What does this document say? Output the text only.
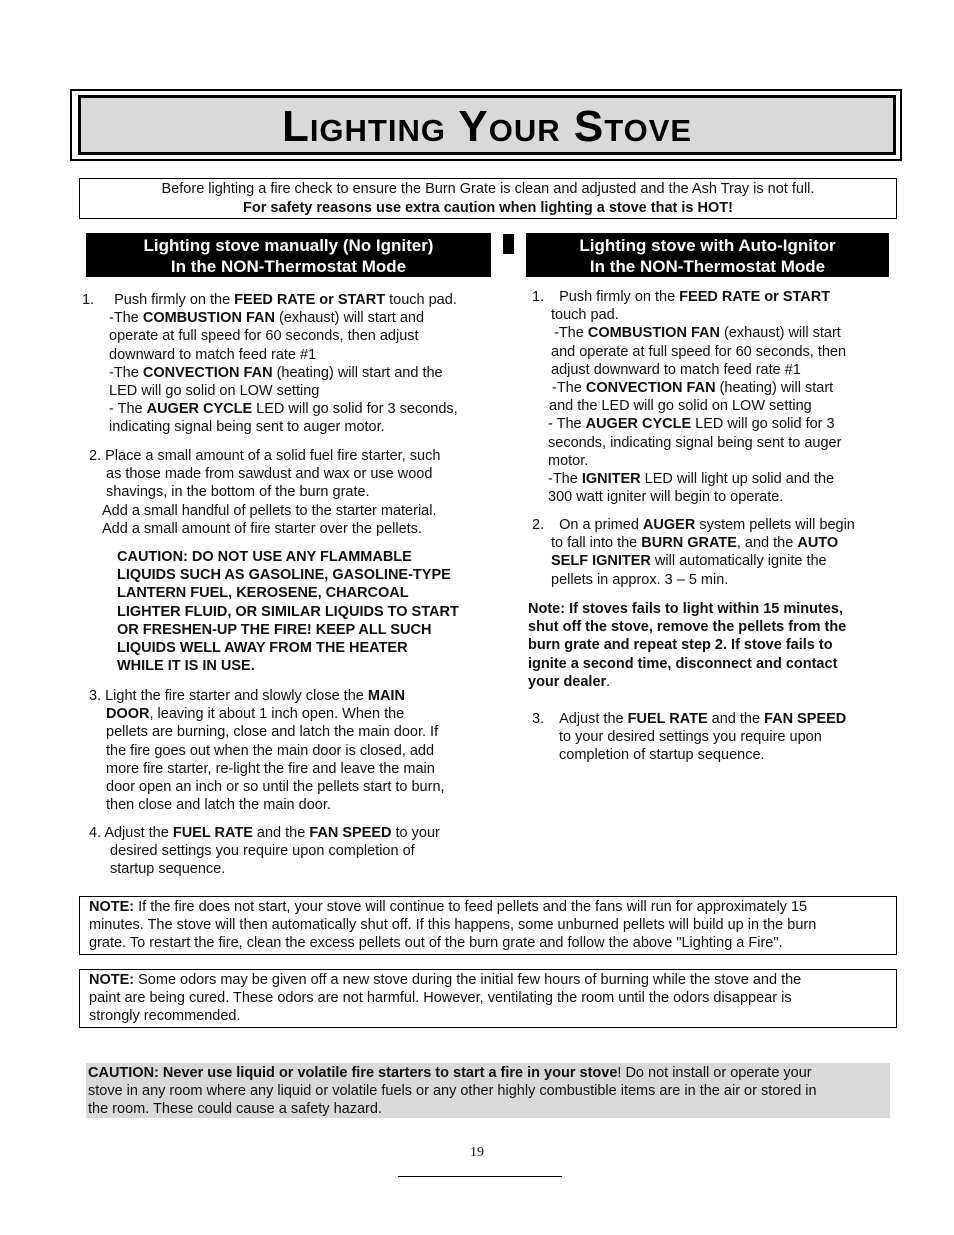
Lighting Your Stove
Before lighting a fire check to ensure the Burn Grate is clean and adjusted and the Ash Tray is not full.
For safety reasons use extra caution when lighting a stove that is HOT!
Lighting stove manually (No Igniter)
In the NON-Thermostat Mode
Lighting stove with Auto-Ignitor
In the NON-Thermostat Mode

1. Push firmly on the FEED RATE or START touch pad.

-The COMBUSTION FAN (exhaust) will start and

operate at full speed for 60 seconds, then adjust

downward to match feed rate #1

-The CONVECTION FAN (heating) will start and the

LED will go solid on LOW setting

- The AUGER CYCLE LED will go solid for 3 seconds,

indicating signal being sent to auger motor.

2. Place a small amount of a solid fuel fire starter, such

as those made from sawdust and wax or use wood

shavings, in the bottom of the burn grate.

Add a small handful of pellets to the starter material.

Add a small amount of fire starter over the pellets.

CAUTION: DO NOT USE ANY FLAMMABLE

LIQUIDS SUCH AS GASOLINE, GASOLINE-TYPE

LANTERN FUEL, KEROSENE, CHARCOAL

LIGHTER FLUID, OR SIMILAR LIQUIDS TO START

OR FRESHEN-UP THE FIRE! KEEP ALL SUCH

LIQUIDS WELL AWAY FROM THE HEATER

WHILE IT IS IN USE.

3. Light the fire starter and slowly close the MAIN

DOOR, leaving it about 1 inch open. When the

pellets are burning, close and latch the main door. If

the fire goes out when the main door is closed, add

more fire starter, re-light the fire and leave the main

door open an inch or so until the pellets start to burn,

then close and latch the main door.

4. Adjust the FUEL RATE and the FAN SPEED to your

desired settings you require upon completion of

startup sequence.

1. Push firmly on the FEED RATE or START

touch pad.

-The COMBUSTION FAN (exhaust) will start

and operate at full speed for 60 seconds, then

adjust downward to match feed rate #1

-The CONVECTION FAN (heating) will start

and the LED will go solid on LOW setting

- The AUGER CYCLE LED will go solid for 3

seconds, indicating signal being sent to auger

motor.

-The IGNITER LED will light up solid and the

300 watt igniter will begin to operate.

2. On a primed AUGER system pellets will begin

to fall into the BURN GRATE, and the AUTO

SELF IGNITER will automatically ignite the

pellets in approx. 3 – 5 min.

Note: If stoves fails to light within 15 minutes,

shut off the stove, remove the pellets from the

burn grate and repeat step 2. If stove fails to

ignite a second time, disconnect and contact

your dealer.

3. Adjust the FUEL RATE and the FAN SPEED

to your desired settings you require upon

completion of startup sequence.

NOTE: If the fire does not start, your stove will continue to feed pellets and the fans will run for approximately 15
minutes. The stove will then automatically shut off. If this happens, some unburned pellets will build up in the burn
grate. To restart the fire, clean the excess pellets out of the burn grate and follow the above "Lighting a Fire".
NOTE: Some odors may be given off a new stove during the initial few hours of burning while the stove and the
paint are being cured. These odors are not harmful. However, ventilating the room until the odors disappear is
strongly recommended.
CAUTION: Never use liquid or volatile fire starters to start a fire in your stove! Do not install or operate your
stove in any room where any liquid or volatile fuels or any other highly combustible items are in the air or stored in
the room. These could cause a safety hazard.
19
